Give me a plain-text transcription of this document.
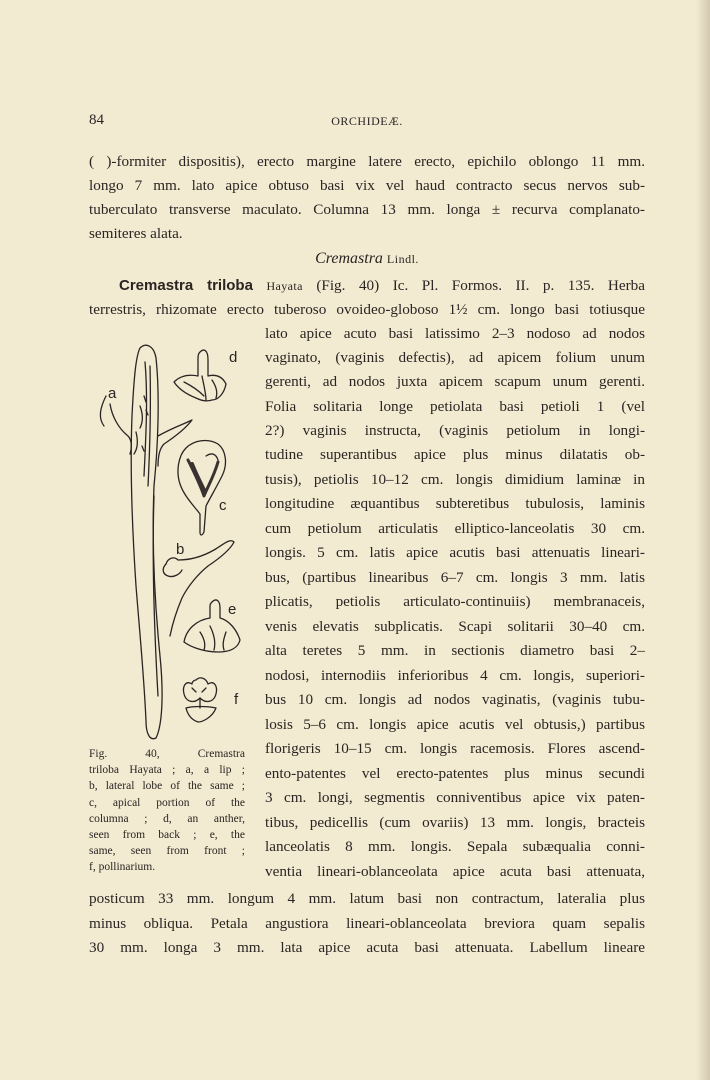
84	ORCHIDEÆ.
( )-formiter dispositis), erecto margine latere erecto, epichilo oblongo 11 mm.
longo 7 mm. lato apice obtuso basi vix vel haud contracto secus nervos sub-
tuberculato transverse maculato. Columna 13 mm. longa ± recurva complanato-
semiteres alata.
Cremastra Lindl.
Cremastra triloba Hayata (Fig. 40) Ic. Pl. Formos. II. p. 135. Herba
terrestris, rhizomate erecto tuberoso ovoideo-globoso 1½ cm. longo basi totiusque
lato apice acuto basi latissimo 2–3 nodoso ad nodos
vaginato, (vaginis defectis), ad apicem folium unum
gerenti, ad nodos juxta apicem scapum unum gerenti.
Folia solitaria longe petiolata basi petioli 1 (vel
2?) vaginis instructa, (vaginis petiolum in longi-
tudine superantibus apice plus minus dilatatis ob-
tusis), petiolis 10–12 cm. longis dimidium laminæ in
longitudine æquantibus subteretibus tubulosis, laminis
cum petiolum articulatis elliptico-lanceolatis 30 cm.
longis. 5 cm. latis apice acutis basi attenuatis lineari-
bus, (partibus linearibus 6–7 cm. longis 3 mm. latis
plicatis, petiolis articulato-continuiis) membranaceis,
venis elevatis subplicatis. Scapi solitarii 30–40 cm.
alta teretes 5 mm. in sectionis diametro basi 2–
nodosi, internodiis inferioribus 4 cm. longis, superiori-
bus 10 cm. longis ad nodos vaginatis, (vaginis tubu-
losis 5–6 cm. longis apice acutis vel obtusis,) partibus
florigeris 10–15 cm. longis racemosis. Flores ascend-
ento-patentes vel erecto-patentes plus minus secundi
3 cm. longi, segmentis conniventibus apice vix paten-
tibus, pedicellis (cum ovariis) 13 mm. longis, bracteis
lanceolatis 8 mm. longis. Sepala subæqualia conni-
ventia lineari-oblanceolata apice acuta basi attenuata,
posticum 33 mm. longum 4 mm. latum basi non contractum, lateralia plus
minus obliqua. Petala angustiora lineari-oblanceolata breviora quam sepalis
30 mm. longa 3 mm. lata apice acuta basi attenuata. Labellum lineare
a
b
c
d
e
f
Fig. 40, Cremastra
triloba Hayata ; a, a lip ;
b, lateral lobe of the same ;
c, apical portion of the
columna ; d, an anther,
seen from back ; e, the
same, seen from front ;
f, pollinarium.
